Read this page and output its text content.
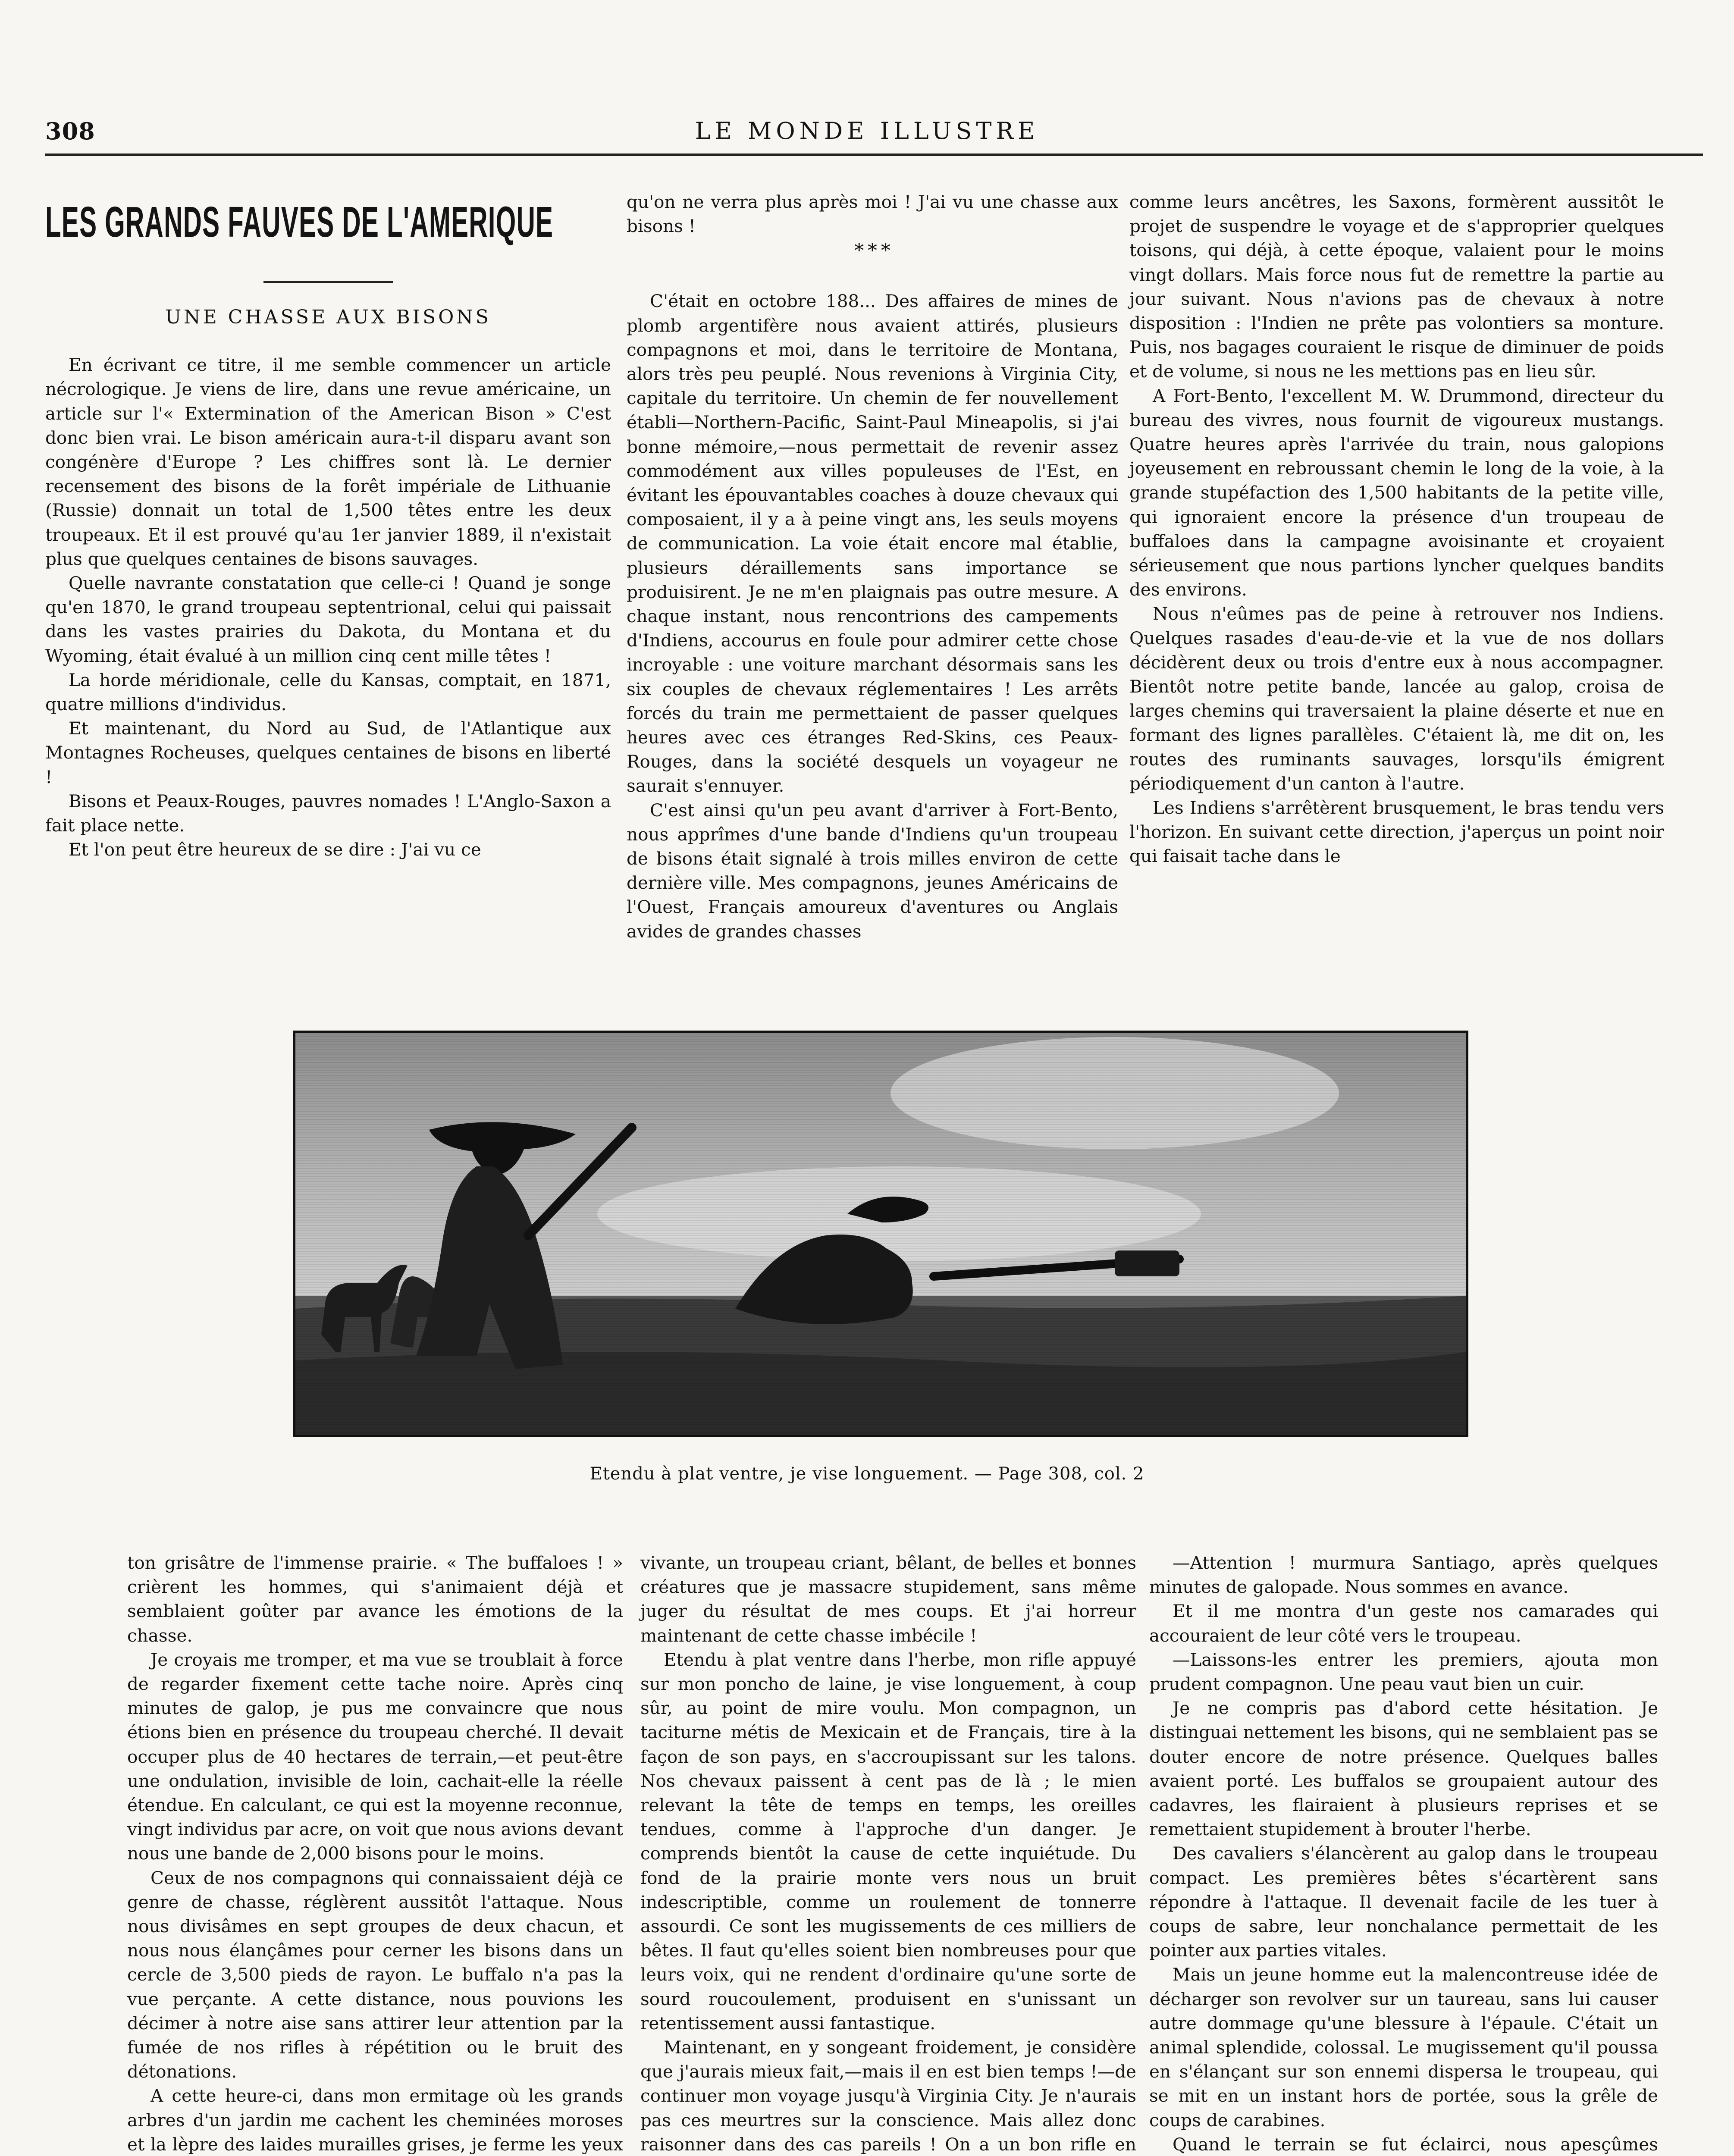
308	LE MONDE ILLUSTRE
LES GRANDS FAUVES DE L'AMERIQUE
UNE CHASSE AUX BISONS

En écrivant ce titre, il me semble commencer un article nécrologique. Je viens de lire, dans une revue américaine, un article sur l'« Extermination of the American Bison » C'est donc bien vrai. Le bison américain aura-t-il disparu avant son congénère d'Europe ? Les chiffres sont là. Le dernier recensement des bisons de la forêt impériale de Lithuanie (Russie) donnait un total de 1,500 têtes entre les deux troupeaux. Et il est prouvé qu'au 1er janvier 1889, il n'existait plus que quelques centaines de bisons sauvages.

Quelle navrante constatation que celle-ci ! Quand je songe qu'en 1870, le grand troupeau septentrional, celui qui paissait dans les vastes prairies du Dakota, du Montana et du Wyoming, était évalué à un million cinq cent mille têtes !

La horde méridionale, celle du Kansas, comptait, en 1871, quatre millions d'individus.

Et maintenant, du Nord au Sud, de l'Atlantique aux Montagnes Rocheuses, quelques centaines de bisons en liberté !

Bisons et Peaux-Rouges, pauvres nomades ! L'Anglo-Saxon a fait place nette.

Et l'on peut être heureux de se dire : J'ai vu ce

qu'on ne verra plus après moi ! J'ai vu une chasse aux bisons !

* * *

C'était en octobre 188... Des affaires de mines de plomb argentifère nous avaient attirés, plusieurs compagnons et moi, dans le territoire de Montana, alors très peu peuplé. Nous revenions à Virginia City, capitale du territoire. Un chemin de fer nouvellement établi—Northern-Pacific, Saint-Paul Mineapolis, si j'ai bonne mémoire,—nous permettait de revenir assez commodément aux villes populeuses de l'Est, en évitant les épouvantables coaches à douze chevaux qui composaient, il y a à peine vingt ans, les seuls moyens de communication. La voie était encore mal établie, plusieurs déraillements sans importance se produisirent. Je ne m'en plaignais pas outre mesure. A chaque instant, nous rencontrions des campements d'Indiens, accourus en foule pour admirer cette chose incroyable : une voiture marchant désormais sans les six couples de chevaux réglementaires ! Les arrêts forcés du train me permettaient de passer quelques heures avec ces étranges Red-Skins, ces Peaux-Rouges, dans la société desquels un voyageur ne saurait s'ennuyer.

C'est ainsi qu'un peu avant d'arriver à Fort-Bento, nous apprîmes d'une bande d'Indiens qu'un troupeau de bisons était signalé à trois milles environ de cette dernière ville. Mes compagnons, jeunes Américains de l'Ouest, Français amoureux d'aventures ou Anglais avides de grandes chasses

comme leurs ancêtres, les Saxons, formèrent aussitôt le projet de suspendre le voyage et de s'approprier quelques toisons, qui déjà, à cette époque, valaient pour le moins vingt dollars. Mais force nous fut de remettre la partie au jour suivant. Nous n'avions pas de chevaux à notre disposition : l'Indien ne prête pas volontiers sa monture. Puis, nos bagages couraient le risque de diminuer de poids et de volume, si nous ne les mettions pas en lieu sûr.

A Fort-Bento, l'excellent M. W. Drummond, directeur du bureau des vivres, nous fournit de vigoureux mustangs. Quatre heures après l'arrivée du train, nous galopions joyeusement en rebroussant chemin le long de la voie, à la grande stupéfaction des 1,500 habitants de la petite ville, qui ignoraient encore la présence d'un troupeau de buffaloes dans la campagne avoisinante et croyaient sérieusement que nous partions lyncher quelques bandits des environs.

Nous n'eûmes pas de peine à retrouver nos Indiens. Quelques rasades d'eau-de-vie et la vue de nos dollars décidèrent deux ou trois d'entre eux à nous accompagner. Bientôt notre petite bande, lancée au galop, croisa de larges chemins qui traversaient la plaine déserte et nue en formant des lignes parallèles. C'étaient là, me dit on, les routes des ruminants sauvages, lorsqu'ils émigrent périodiquement d'un canton à l'autre.

Les Indiens s'arrêtèrent brusquement, le bras tendu vers l'horizon. En suivant cette direction, j'aperçus un point noir qui faisait tache dans le

Etendu à plat ventre, je vise longuement. — Page 308, col. 2

ton grisâtre de l'immense prairie. « The buffaloes ! » crièrent les hommes, qui s'animaient déjà et semblaient goûter par avance les émotions de la chasse.

Je croyais me tromper, et ma vue se troublait à force de regarder fixement cette tache noire. Après cinq minutes de galop, je pus me convaincre que nous étions bien en présence du troupeau cherché. Il devait occuper plus de 40 hectares de terrain,—et peut-être une ondulation, invisible de loin, cachait-elle la réelle étendue. En calculant, ce qui est la moyenne reconnue, vingt individus par acre, on voit que nous avions devant nous une bande de 2,000 bisons pour le moins.

Ceux de nos compagnons qui connaissaient déjà ce genre de chasse, réglèrent aussitôt l'attaque. Nous nous divisâmes en sept groupes de deux chacun, et nous nous élançâmes pour cerner les bisons dans un cercle de 3,500 pieds de rayon. Le buffalo n'a pas la vue perçante. A cette distance, nous pouvions les décimer à notre aise sans attirer leur attention par la fumée de nos rifles à répétition ou le bruit des détonations.

A cette heure-ci, dans mon ermitage où les grands arbres d'un jardin me cachent les cheminées moroses et la lèpre des laides murailles grises, je ferme les yeux

vivante, un troupeau criant, bêlant, de belles et bonnes créatures que je massacre stupidement, sans même juger du résultat de mes coups. Et j'ai horreur maintenant de cette chasse imbécile !

Etendu à plat ventre dans l'herbe, mon rifle appuyé sur mon poncho de laine, je vise longuement, à coup sûr, au point de mire voulu. Mon compagnon, un taciturne métis de Mexicain et de Français, tire à la façon de son pays, en s'accroupissant sur les talons. Nos chevaux paissent à cent pas de là ; le mien relevant la tête de temps en temps, les oreilles tendues, comme à l'approche d'un danger. Je comprends bientôt la cause de cette inquiétude. Du fond de la prairie monte vers nous un bruit indescriptible, comme un roulement de tonnerre assourdi. Ce sont les mugissements de ces milliers de bêtes. Il faut qu'elles soient bien nombreuses pour que leurs voix, qui ne rendent d'ordinaire qu'une sorte de sourd roucoulement, produisent en s'unissant un retentissement aussi fantastique.

Maintenant, en y songeant froidement, je considère que j'aurais mieux fait,—mais il en est bien temps !—de continuer mon voyage jusqu'à Virginia City. Je n'aurais pas ces meurtres sur la conscience. Mais allez donc raisonner dans des cas pareils ! On a un bon rifle en

—Attention ! murmura Santiago, après quelques minutes de galopade. Nous sommes en avance.

Et il me montra d'un geste nos camarades qui accouraient de leur côté vers le troupeau.

—Laissons-les entrer les premiers, ajouta mon prudent compagnon. Une peau vaut bien un cuir.

Je ne compris pas d'abord cette hésitation. Je distinguai nettement les bisons, qui ne semblaient pas se douter encore de notre présence. Quelques balles avaient porté. Les buffalos se groupaient autour des cadavres, les flairaient à plusieurs reprises et se remettaient stupidement à brouter l'herbe.

Des cavaliers s'élancèrent au galop dans le troupeau compact. Les premières bêtes s'écartèrent sans répondre à l'attaque. Il devenait facile de les tuer à coups de sabre, leur nonchalance permettait de les pointer aux parties vitales.

Mais un jeune homme eut la malencontreuse idée de décharger son revolver sur un taureau, sans lui causer autre dommage qu'une blessure à l'épaule. C'était un animal splendide, colossal. Le mugissement qu'il poussa en s'élançant sur son ennemi dispersa le troupeau, qui se mit en un instant hors de portée, sous la grêle de coups de carabines.

Quand le terrain se fut éclairci, nous apesçûmes
